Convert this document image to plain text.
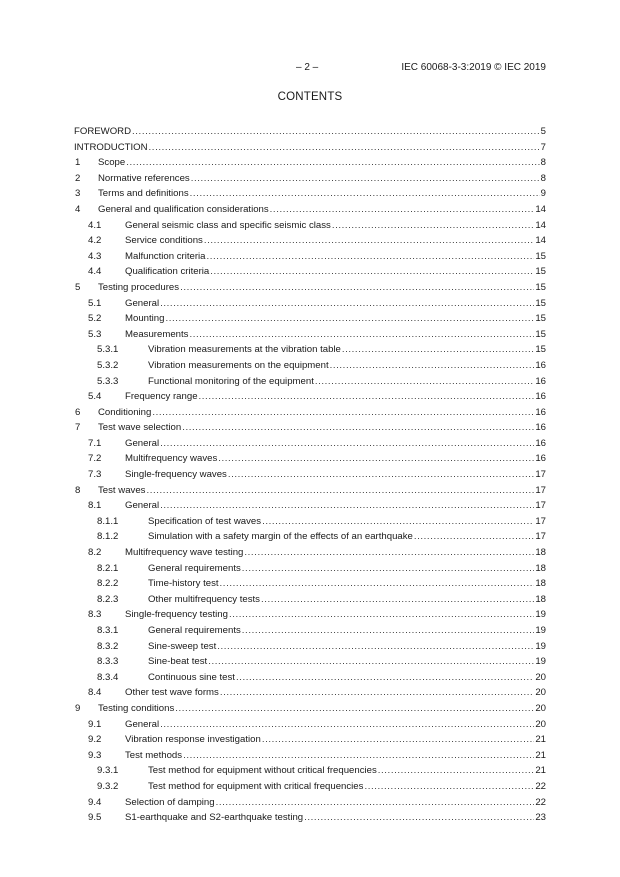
– 2 –	IEC 60068-3-3:2019 © IEC 2019
CONTENTS
FOREWORD .....	5
INTRODUCTION .....	7
1 Scope .....	8
2 Normative references .....	8
3 Terms and definitions .....	9
4 General and qualification considerations .....	14
4.1 General seismic class and specific seismic class .....	14
4.2 Service conditions .....	14
4.3 Malfunction criteria .....	15
4.4 Qualification criteria .....	15
5 Testing procedures .....	15
5.1 General .....	15
5.2 Mounting .....	15
5.3 Measurements .....	15
5.3.1	Vibration measurements at the vibration table .....	15
5.3.2	Vibration measurements on the equipment .....	16
5.3.3	Functional monitoring of the equipment .....	16
5.4 Frequency range .....	16
6 Conditioning .....	16
7 Test wave selection .....	16
7.1 General .....	16
7.2 Multifrequency waves .....	16
7.3 Single-frequency waves .....	17
8 Test waves .....	17
8.1 General .....	17
8.1.1	Specification of test waves .....	17
8.1.2	Simulation with a safety margin of the effects of an earthquake .....	17
8.2 Multifrequency wave testing .....	18
8.2.1	General requirements .....	18
8.2.2	Time-history test .....	18
8.2.3	Other multifrequency tests .....	18
8.3 Single-frequency testing .....	19
8.3.1	General requirements .....	19
8.3.2	Sine-sweep test .....	19
8.3.3	Sine-beat test .....	19
8.3.4	Continuous sine test .....	20
8.4 Other test wave forms .....	20
9 Testing conditions .....	20
9.1 General .....	20
9.2 Vibration response investigation .....	21
9.3 Test methods .....	21
9.3.1	Test method for equipment without critical frequencies .....	21
9.3.2	Test method for equipment with critical frequencies .....	22
9.4 Selection of damping .....	22
9.5 S1-earthquake and S2-earthquake testing .....	23
